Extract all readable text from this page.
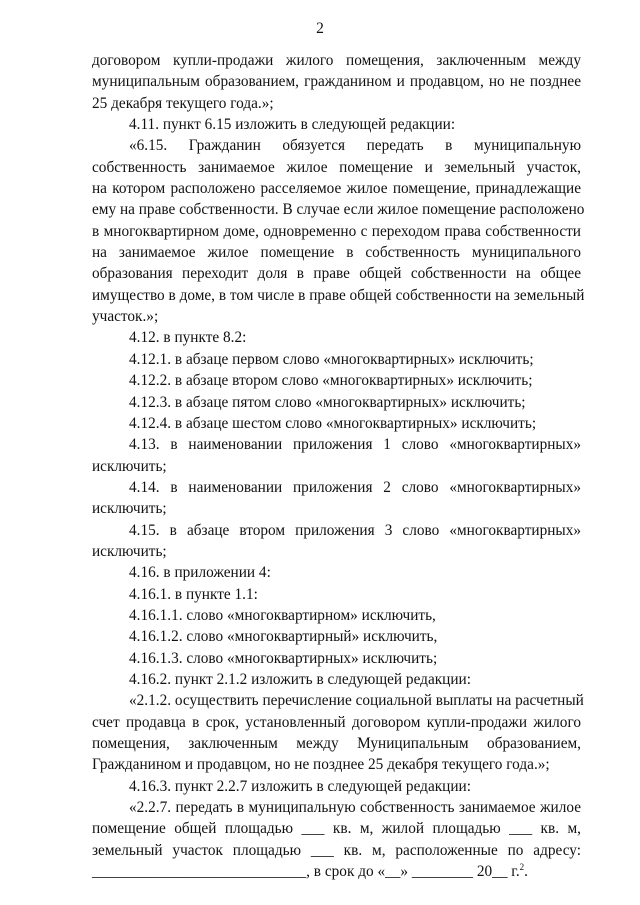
2
договором купли-продажи жилого помещения, заключенным между
муниципальным образованием, гражданином и продавцом, но не позднее
25 декабря текущего года.»;
4.11. пункт 6.15 изложить в следующей редакции:
«6.15. Гражданин обязуется передать в муниципальную
собственность занимаемое жилое помещение и земельный участок,
на котором расположено расселяемое жилое помещение, принадлежащие
ему на праве собственности. В случае если жилое помещение расположено
в многоквартирном доме, одновременно с переходом права собственности
на занимаемое жилое помещение в собственность муниципального
образования переходит доля в праве общей собственности на общее
имущество в доме, в том числе в праве общей собственности на земельный
участок.»;
4.12. в пункте 8.2:
4.12.1. в абзаце первом слово «многоквартирных» исключить;
4.12.2. в абзаце втором слово «многоквартирных» исключить;
4.12.3. в абзаце пятом слово «многоквартирных» исключить;
4.12.4. в абзаце шестом слово «многоквартирных» исключить;
4.13. в наименовании приложения 1 слово «многоквартирных»
исключить;
4.14. в наименовании приложения 2 слово «многоквартирных»
исключить;
4.15. в абзаце втором приложения 3 слово «многоквартирных»
исключить;
4.16. в приложении 4:
4.16.1. в пункте 1.1:
4.16.1.1. слово «многоквартирном» исключить,
4.16.1.2. слово «многоквартирный» исключить,
4.16.1.3. слово «многоквартирных» исключить;
4.16.2. пункт 2.1.2 изложить в следующей редакции:
«2.1.2. осуществить перечисление социальной выплаты на расчетный
счет продавца в срок, установленный договором купли-продажи жилого
помещения, заключенным между Муниципальным образованием,
Гражданином и продавцом, но не позднее 25 декабря текущего года.»;
4.16.3. пункт 2.2.7 изложить в следующей редакции:
«2.2.7. передать в муниципальную собственность занимаемое жилое
помещение общей площадью ___ кв. м, жилой площадью ___ кв. м,
земельный участок площадью ___ кв. м, расположенные по адресу:
____________________________, в срок до «__» ________ 20__ г.$^2$.
